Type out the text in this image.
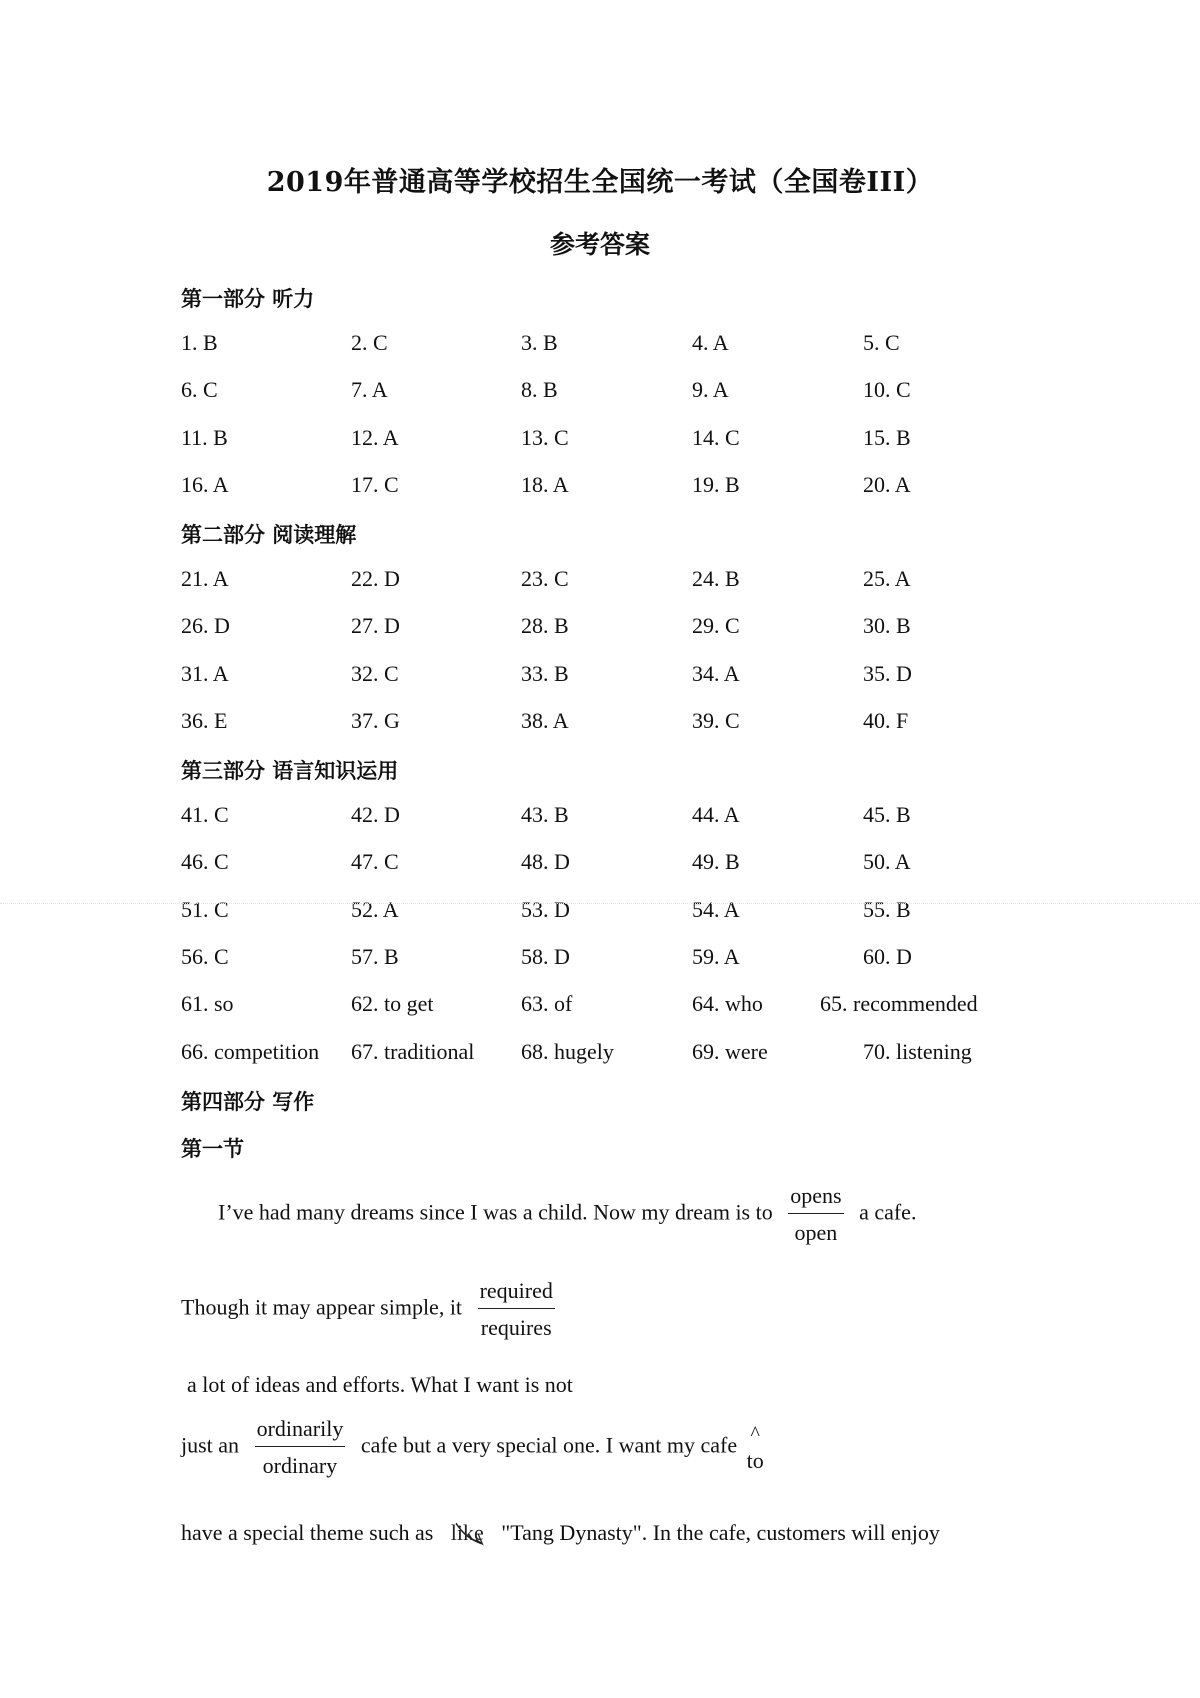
2019年普通高等学校招生全国统一考试（全国卷III）
参考答案
第一部分 听力
第二部分 阅读理解
第三部分 语言知识运用
第四部分 写作
第一节
1. B	2. C	3. B	4. A	5. C
6. C	7. A	8. B	9. A	10. C
11. B	12. A	13. C	14. C	15. B
16. A	17. C	18. A	19. B	20. A
21. A	22. D	23. C	24. B	25. A
26. D	27. D	28. B	29. C	30. B
31. A	32. C	33. B	34. A	35. D
36. E	37. G	38. A	39. C	40. F
41. C	42. D	43. B	44. A	45. B
46. C	47. C	48. D	49. B	50. A
51. C	52. A	53. D	54. A	55. B
56. C	57. B	58. D	59. A	60. D
61. so	62. to get	63. of	64. who	65. recommended
66. competition 67. traditional 68. hugely	69. were	70. listening
I’ve had many dreams since I was a child. Now my dream is to $\frac{\text{opens}}{\text{open}}$ a cafe.
Though it may appear simple, it $\frac{\text{required}}{\text{requires}}$
a lot of ideas and efforts. What I want is not
just an $\frac{\text{ordinarily}}{\text{ordinary}}$ cafe but a very special one. I want my cafe ^
to
have a special theme such as like "Tang Dynasty". In the cafe, customers will enjoy
